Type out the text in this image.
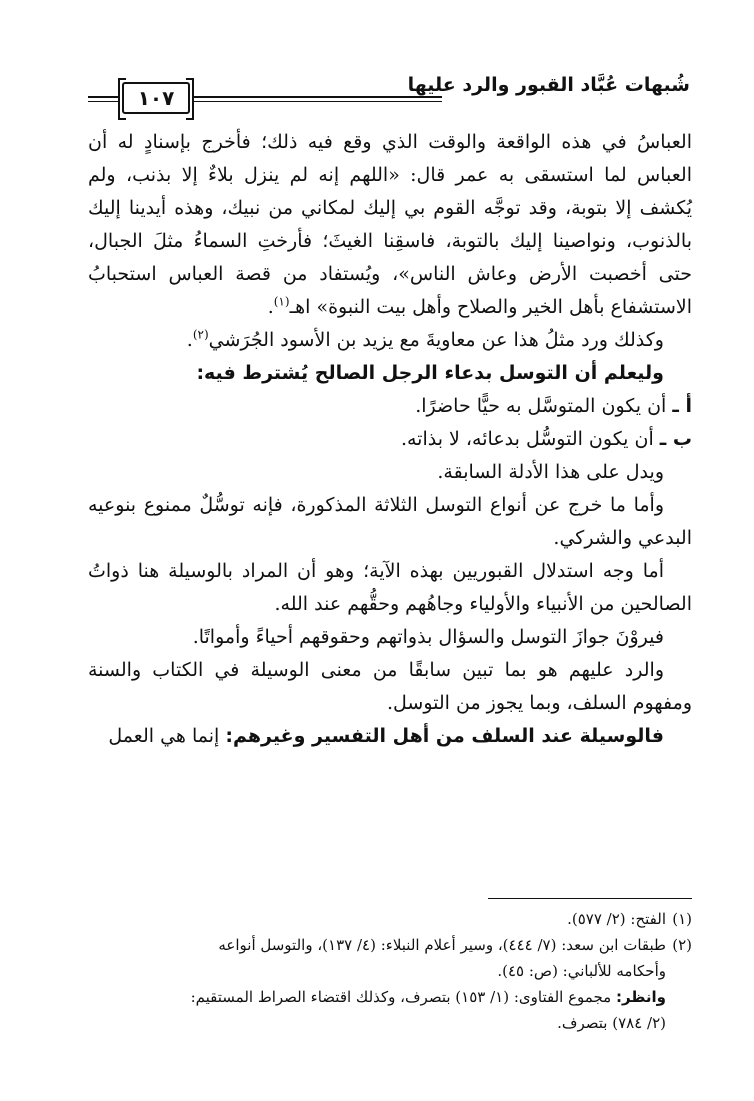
شُبهات عُبَّاد القبور والرد عليها
١٠٧

العباسُ في هذه الواقعة والوقت الذي وقع فيه ذلك؛ فأخرج بإسنادٍ له أن العباس لما استسقى به عمر قال: «اللهم إنه لم ينزل بلاءٌ إلا بذنب، ولم يُكشف إلا بتوبة، وقد توجَّه القوم بي إليك لمكاني من نبيك، وهذه أيدينا إليك بالذنوب، ونواصينا إليك بالتوبة، فاسقِنا الغيثَ؛ فأرختِ السماءُ مثلَ الجبال، حتى أخصبت الأرض وعاش الناس»، ويُستفاد من قصة العباس استحبابُ الاستشفاع بأهل الخير والصلاح وأهل بيت النبوة» اهـ$^{(١)}$.

وكذلك ورد مثلُ هذا عن معاويةَ مع يزيد بن الأسود الجُرَشي$^{(٢)}$.

وليعلم أن التوسل بدعاء الرجل الصالح يُشترط فيه:

أ ـ أن يكون المتوسَّل به حيًّا حاضرًا.

ب ـ أن يكون التوسُّل بدعائه، لا بذاته.

ويدل على هذا الأدلة السابقة.

وأما ما خرج عن أنواع التوسل الثلاثة المذكورة، فإنه توسُّلٌ ممنوع بنوعيه البدعي والشركي.

أما وجه استدلال القبوريين بهذه الآية؛ وهو أن المراد بالوسيلة هنا ذواتُ الصالحين من الأنبياء والأولياء وجاهُهم وحقُّهم عند الله.

فيروْنَ جوازَ التوسل والسؤال بذواتهم وحقوقهم أحياءً وأمواتًا.

والرد عليهم هو بما تبين سابقًا من معنى الوسيلة في الكتاب والسنة ومفهوم السلف، وبما يجوز من التوسل.

فالوسيلة عند السلف من أهل التفسير وغيرهم: إنما هي العمل

(١)الفتح: (٢/ ٥٧٧).

(٢)طبقات ابن سعد: (٧/ ٤٤٤)، وسير أعلام النبلاء: (٤/ ١٣٧)، والتوسل أنواعه

وأحكامه للألباني: (ص: ٤٥).

وانظر: مجموع الفتاوى: (١/ ١٥٣) بتصرف، وكذلك اقتضاء الصراط المستقيم:

(٢/ ٧٨٤) بتصرف.
